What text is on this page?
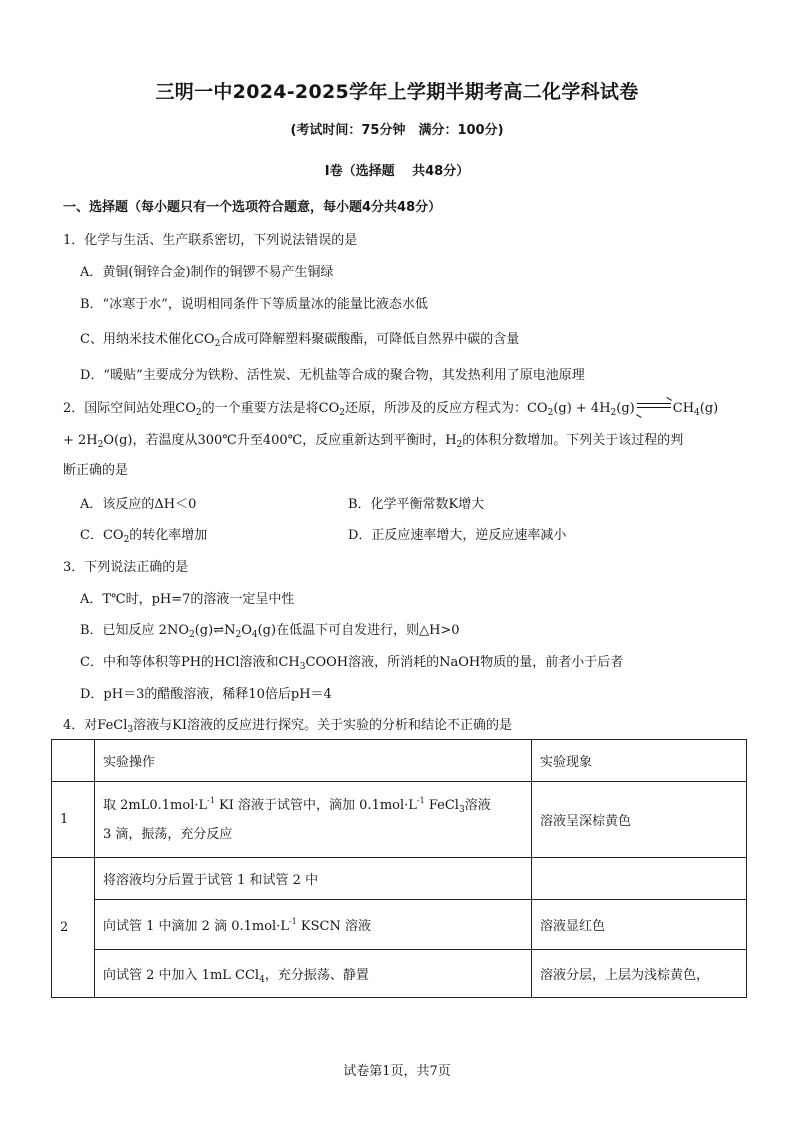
三明一中2024-2025学年上学期半期考高二化学科试卷
(考试时间：75分钟　满分：100分)
Ⅰ卷（选择题　 共48分）
一、选择题（每小题只有一个选项符合题意，每小题4分共48分）
1．化学与生活、生产联系密切，下列说法错误的是
A．黄铜(铜锌合金)制作的铜锣不易产生铜绿
B．“冰寒于水”，说明相同条件下等质量冰的能量比液态水低
C、用纳米技术催化$CO_2$合成可降解塑料聚碳酸酯，可降低自然界中碳的含量
D．“暖贴”主要成分为铁粉、活性炭、无机盐等合成的聚合物，其发热利用了原电池原理
2．国际空间站处理$CO_2$的一个重要方法是将$CO_2$还原，所涉及的反应方程式为：$CO_2(g) + 4H_2(g) \to CH_4(g)$
+ $2H_2O(g)$，若温度从300℃升至400℃，反应重新达到平衡时，$H_2$的体积分数增加。下列关于该过程的判
断正确的是
A．该反应的ΔH＜0	B．化学平衡常数K增大
C．$CO_2$的转化率增加	D．正反应速率增大，逆反应速率减小
3．下列说法正确的是
A．T℃时，pH=7的溶液一定呈中性
B．已知反应 $2NO_2(g)\rightleftharpoons N_2O_4(g)$在低温下可自发进行，则△H>0
C．中和等体积等PH的HCl溶液和$CH_3COOH$溶液，所消耗的NaOH物质的量，前者小于后者
D．pH＝3的醋酸溶液，稀释10倍后pH＝4
4．对FeCl$_3$溶液与KI溶液的反应进行探究。关于实验的分析和结论不正确的是
	实验操作	实验现象
1	取 $2mL0.1mol\cdot L^{-1}$ KI 溶液于试管中，滴加 $0.1mol\cdot L^{-1}$ FeCl$_3$溶液
3 滴，振荡，充分反应	溶液呈深棕黄色
2	将溶液均分后置于试管 1 和试管 2 中	
	向试管 1 中滴加 2 滴 $0.1mol\cdot L^{-1}$ KSCN 溶液	溶液显红色
	向试管 2 中加入 1mL CCl$_4$，充分振荡、静置	溶液分层，上层为浅棕黄色，
试卷第1页，共7页
